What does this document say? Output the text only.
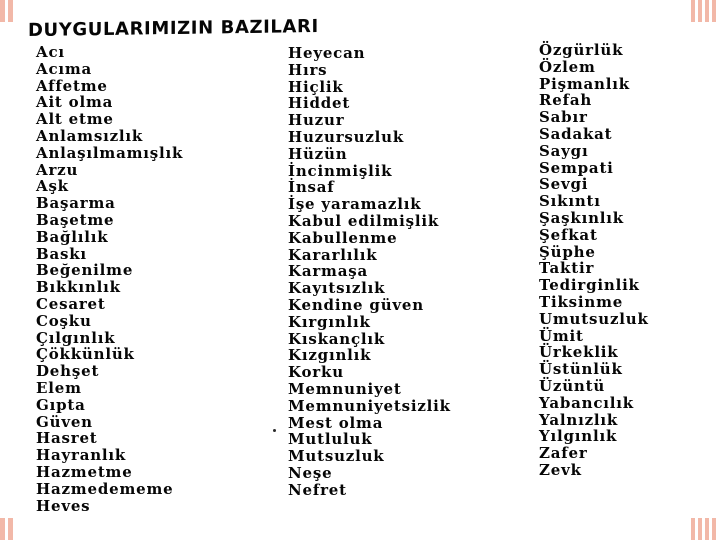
DUYGULARIMIZIN BAZILARI
Acı
Acıma
Affetme
Ait olma
Alt etme
Anlamsızlık
Anlaşılmamışlık
Arzu
Aşk
Başarma
Başetme
Bağlılık
Baskı
Beğenilme
Bıkkınlık
Cesaret
Coşku
Çılgınlık
Çökkünlük
Dehşet
Elem
Gıpta
Güven
Hasret
Hayranlık
Hazmetme
Hazmedememe
Heves
Heyecan
Hırs
Hiçlik
Hiddet
Huzur
Huzursuzluk
Hüzün
İncinmişlik
İnsaf
İşe yaramazlık
Kabul edilmişlik
Kabullenme
Kararlılık
Karmaşa
Kayıtsızlık
Kendine güven
Kırgınlık
Kıskançlık
Kızgınlık
Korku
Memnuniyet
Memnuniyetsizlik
Mest olma
Mutluluk
Mutsuzluk
Neşe
Nefret
Özgürlük
Özlem
Pişmanlık
Refah
Sabır
Sadakat
Saygı
Sempati
Sevgi
Sıkıntı
Şaşkınlık
Şefkat
Şüphe
Taktir
Tedirginlik
Tiksinme
Umutsuzluk
Ümit
Ürkeklik
Üstünlük
Üzüntü
Yabancılık
Yalnızlık
Yılgınlık
Zafer
Zevk
